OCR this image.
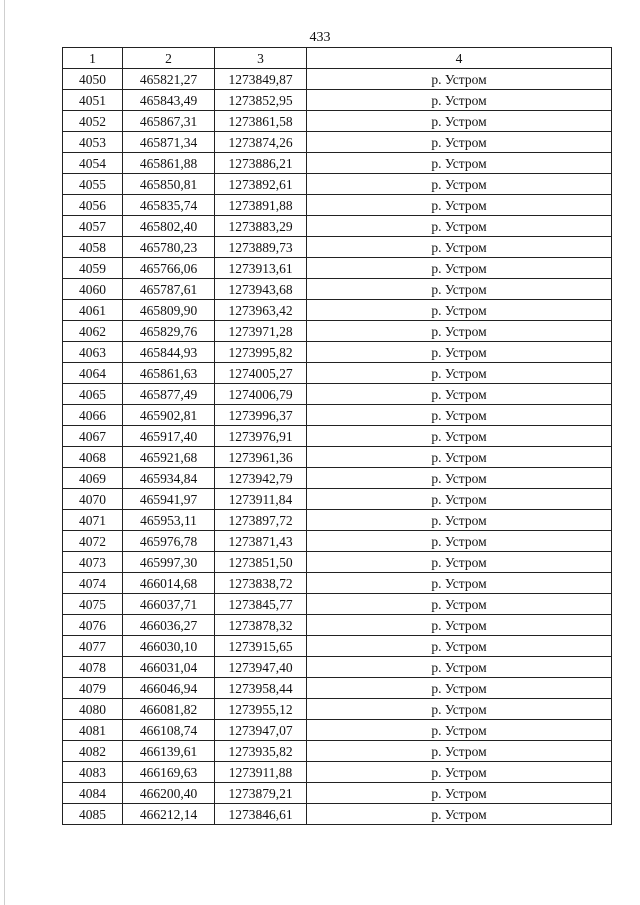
433
1	2	3	4
4050	465821,27	1273849,87	р. Устром
4051	465843,49	1273852,95	р. Устром
4052	465867,31	1273861,58	р. Устром
4053	465871,34	1273874,26	р. Устром
4054	465861,88	1273886,21	р. Устром
4055	465850,81	1273892,61	р. Устром
4056	465835,74	1273891,88	р. Устром
4057	465802,40	1273883,29	р. Устром
4058	465780,23	1273889,73	р. Устром
4059	465766,06	1273913,61	р. Устром
4060	465787,61	1273943,68	р. Устром
4061	465809,90	1273963,42	р. Устром
4062	465829,76	1273971,28	р. Устром
4063	465844,93	1273995,82	р. Устром
4064	465861,63	1274005,27	р. Устром
4065	465877,49	1274006,79	р. Устром
4066	465902,81	1273996,37	р. Устром
4067	465917,40	1273976,91	р. Устром
4068	465921,68	1273961,36	р. Устром
4069	465934,84	1273942,79	р. Устром
4070	465941,97	1273911,84	р. Устром
4071	465953,11	1273897,72	р. Устром
4072	465976,78	1273871,43	р. Устром
4073	465997,30	1273851,50	р. Устром
4074	466014,68	1273838,72	р. Устром
4075	466037,71	1273845,77	р. Устром
4076	466036,27	1273878,32	р. Устром
4077	466030,10	1273915,65	р. Устром
4078	466031,04	1273947,40	р. Устром
4079	466046,94	1273958,44	р. Устром
4080	466081,82	1273955,12	р. Устром
4081	466108,74	1273947,07	р. Устром
4082	466139,61	1273935,82	р. Устром
4083	466169,63	1273911,88	р. Устром
4084	466200,40	1273879,21	р. Устром
4085	466212,14	1273846,61	р. Устром
